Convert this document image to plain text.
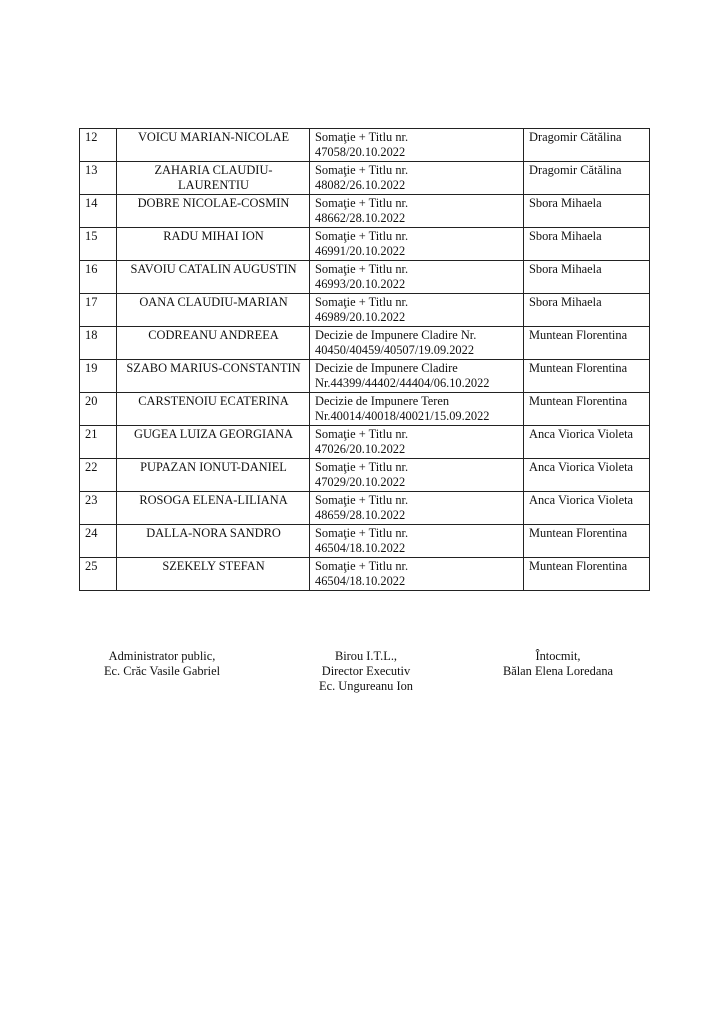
12	VOICU MARIAN-NICOLAE	Somaţie + Titlu nr.
47058/20.10.2022	Dragomir Cătălina
13	ZAHARIA CLAUDIU-LAURENTIU	Somaţie + Titlu nr.
48082/26.10.2022	Dragomir Cătălina
14	DOBRE NICOLAE-COSMIN	Somaţie + Titlu nr.
48662/28.10.2022	Sbora Mihaela
15	RADU MIHAI ION	Somaţie + Titlu nr.
46991/20.10.2022	Sbora Mihaela
16	SAVOIU CATALIN AUGUSTIN	Somaţie + Titlu nr.
46993/20.10.2022	Sbora Mihaela
17	OANA CLAUDIU-MARIAN	Somaţie + Titlu nr.
46989/20.10.2022	Sbora Mihaela
18	CODREANU ANDREEA	Decizie de Impunere Cladire Nr.
40450/40459/40507/19.09.2022	Muntean Florentina
19	SZABO MARIUS-CONSTANTIN	Decizie de Impunere Cladire
Nr.44399/44402/44404/06.10.2022	Muntean Florentina
20	CARSTENOIU ECATERINA	Decizie de Impunere Teren
Nr.40014/40018/40021/15.09.2022	Muntean Florentina
21	GUGEA LUIZA GEORGIANA	Somaţie + Titlu nr.
47026/20.10.2022	Anca Viorica Violeta
22	PUPAZAN IONUT-DANIEL	Somaţie + Titlu nr.
47029/20.10.2022	Anca Viorica Violeta
23	ROSOGA ELENA-LILIANA	Somaţie + Titlu nr.
48659/28.10.2022	Anca Viorica Violeta
24	DALLA-NORA SANDRO	Somaţie + Titlu nr.
46504/18.10.2022	Muntean Florentina
25	SZEKELY STEFAN	Somaţie + Titlu nr.
46504/18.10.2022	Muntean Florentina
Administrator public,
Ec. Crăc Vasile Gabriel
Birou I.T.L.,
Director Executiv
Ec. Ungureanu Ion
Întocmit,
Bălan Elena Loredana
